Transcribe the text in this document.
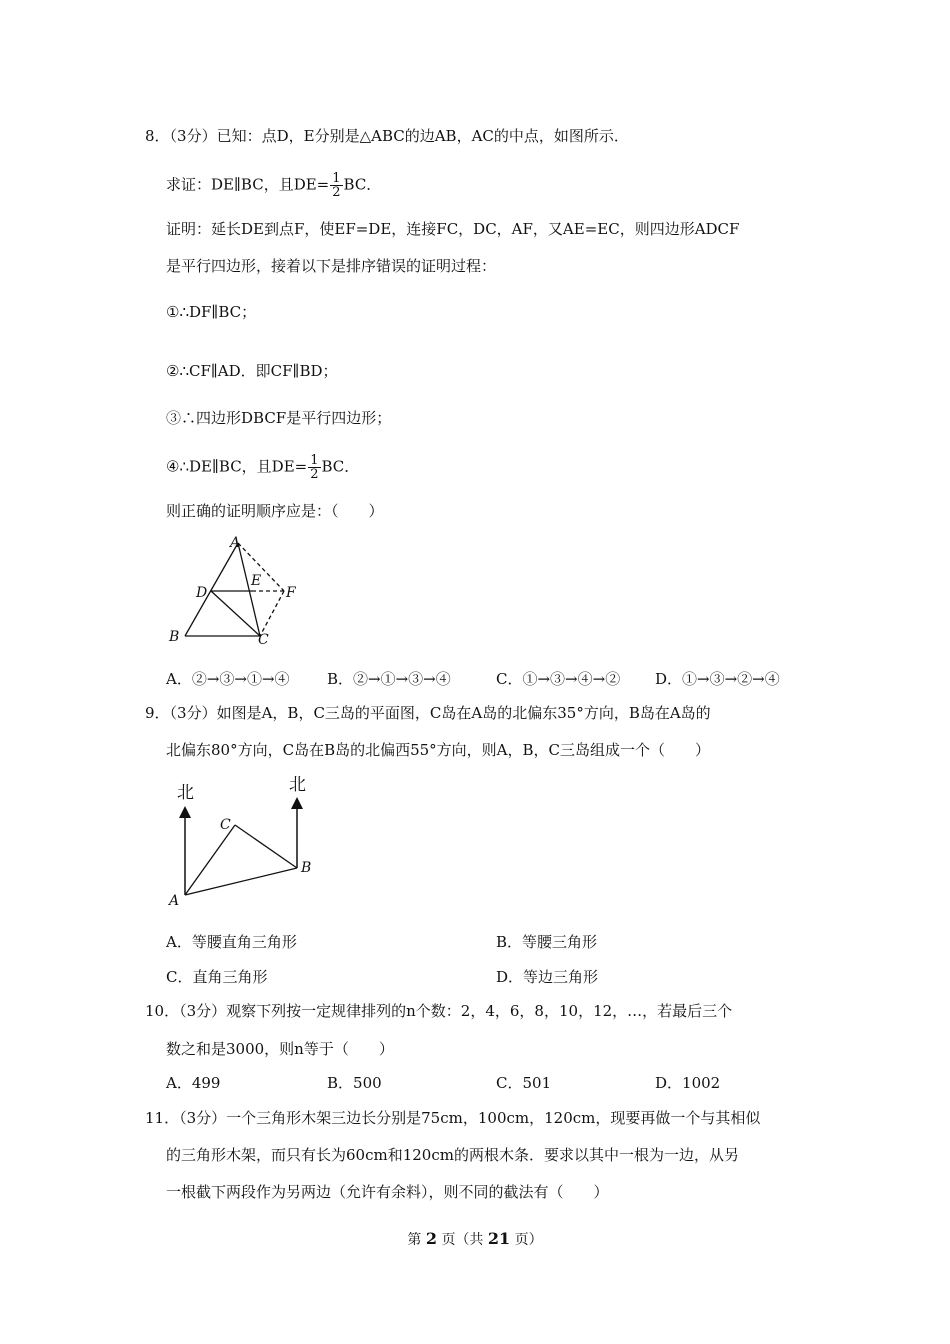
8．（3分）已知：点D，E分别是△ABC的边AB，AC的中点，如图所示．
求证：DE∥BC，且$DE= \frac{1}{2}$ BC．
证明：延长DE到点F，使EF=DE，连接FC，DC，AF，又AE=EC，则四边形ADCF
是平行四边形，接着以下是排序错误的证明过程：
①∴DF∥BC；
②∴CF∥AD．即CF∥BD；
③∴四边形DBCF是平行四边形；
④∴DE∥BC，且$DE= \frac{1}{2}$ BC．
则正确的证明顺序应是：（　　）
A
D
E
F
B	C
A．②→③→①→④ B．②→①→③→④	C．①→③→④→② D．①→③→②→④
9．（3分）如图是A，B，C三岛的平面图，C岛在A岛的北偏东35°方向，B岛在A岛的
北偏东80°方向，C岛在B岛的北偏西55°方向，则A，B，C三岛组成一个（　　）
北	北
C
B
A
A．等腰直角三角形	B．等腰三角形
C．直角三角形	D．等边三角形
10．（3分）观察下列按一定规律排列的n个数：2，4，6，8，10，12，…，若最后三个
数之和是3000，则n等于（　　）
A．499	B．500	C．501	D．1002
11．（3分）一个三角形木架三边长分别是75cm，100cm，120cm，现要再做一个与其相似
的三角形木架，而只有长为60cm和120cm的两根木条．要求以其中一根为一边，从另
一根截下两段作为另两边（允许有余料），则不同的截法有（　　）
第 2 页（共 21 页）
